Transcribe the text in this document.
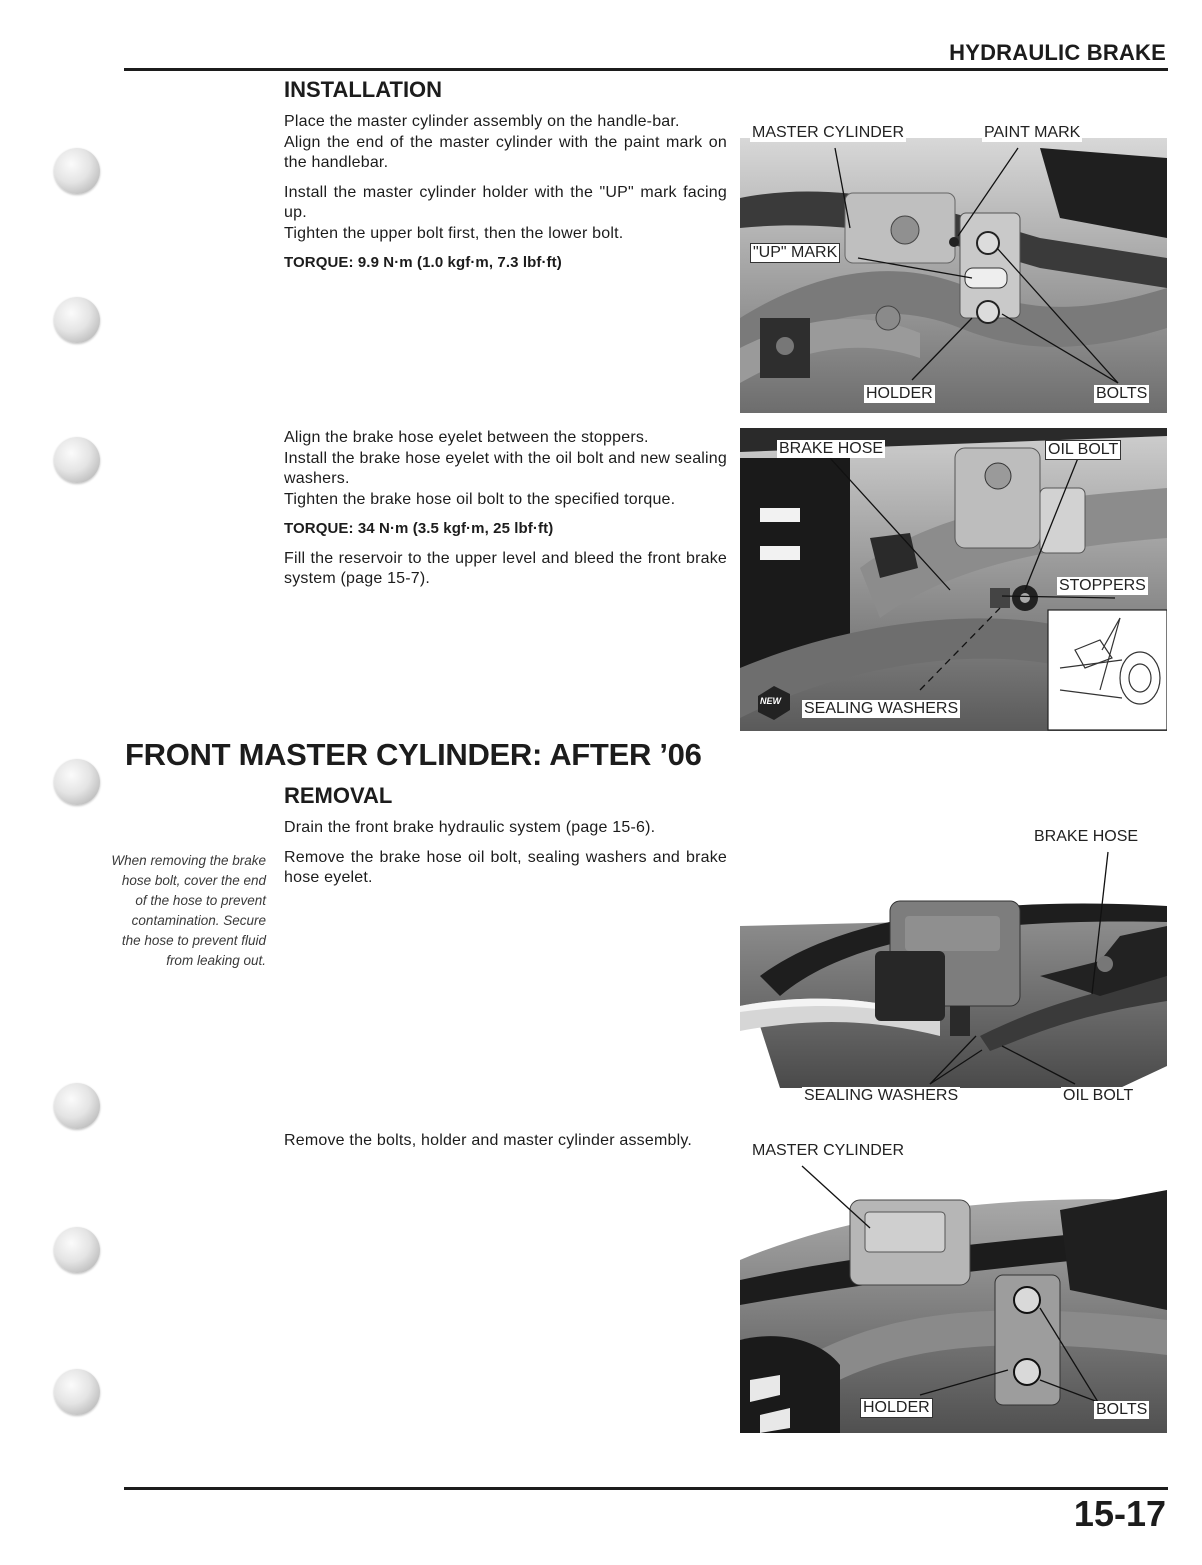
HYDRAULIC BRAKE
INSTALLATION

Place the master cylinder assembly on the handle-bar.

Align the end of the master cylinder with the paint mark on the handlebar.

Install the master cylinder holder with the "UP" mark facing up.

Tighten the upper bolt first, then the lower bolt.

TORQUE: 9.9 N·m (1.0 kgf·m, 7.3 lbf·ft)

Align the brake hose eyelet between the stoppers.

Install the brake hose eyelet with the oil bolt and new sealing washers.

Tighten the brake hose oil bolt to the specified torque.

TORQUE: 34 N·m (3.5 kgf·m, 25 lbf·ft)

Fill the reservoir to the upper level and bleed the front brake system (page 15-7).

FRONT MASTER CYLINDER: AFTER ’06
REMOVAL

Drain the front brake hydraulic system (page 15-6).

Remove the brake hose oil bolt, sealing washers and brake hose eyelet.

When removing the brake hose bolt, cover the end of the hose to prevent contamination. Secure the hose to prevent fluid from leaking out.

Remove the bolts, holder and master cylinder assembly.

MASTER CYLINDER	PAINT MARK
"UP" MARK
HOLDER	BOLTS
BRAKE HOSE	OIL BOLT
STOPPERS
SEALING WASHERS
NEW
BRAKE HOSE
SEALING WASHERS	OIL BOLT
MASTER CYLINDER
HOLDER	BOLTS
15-17
